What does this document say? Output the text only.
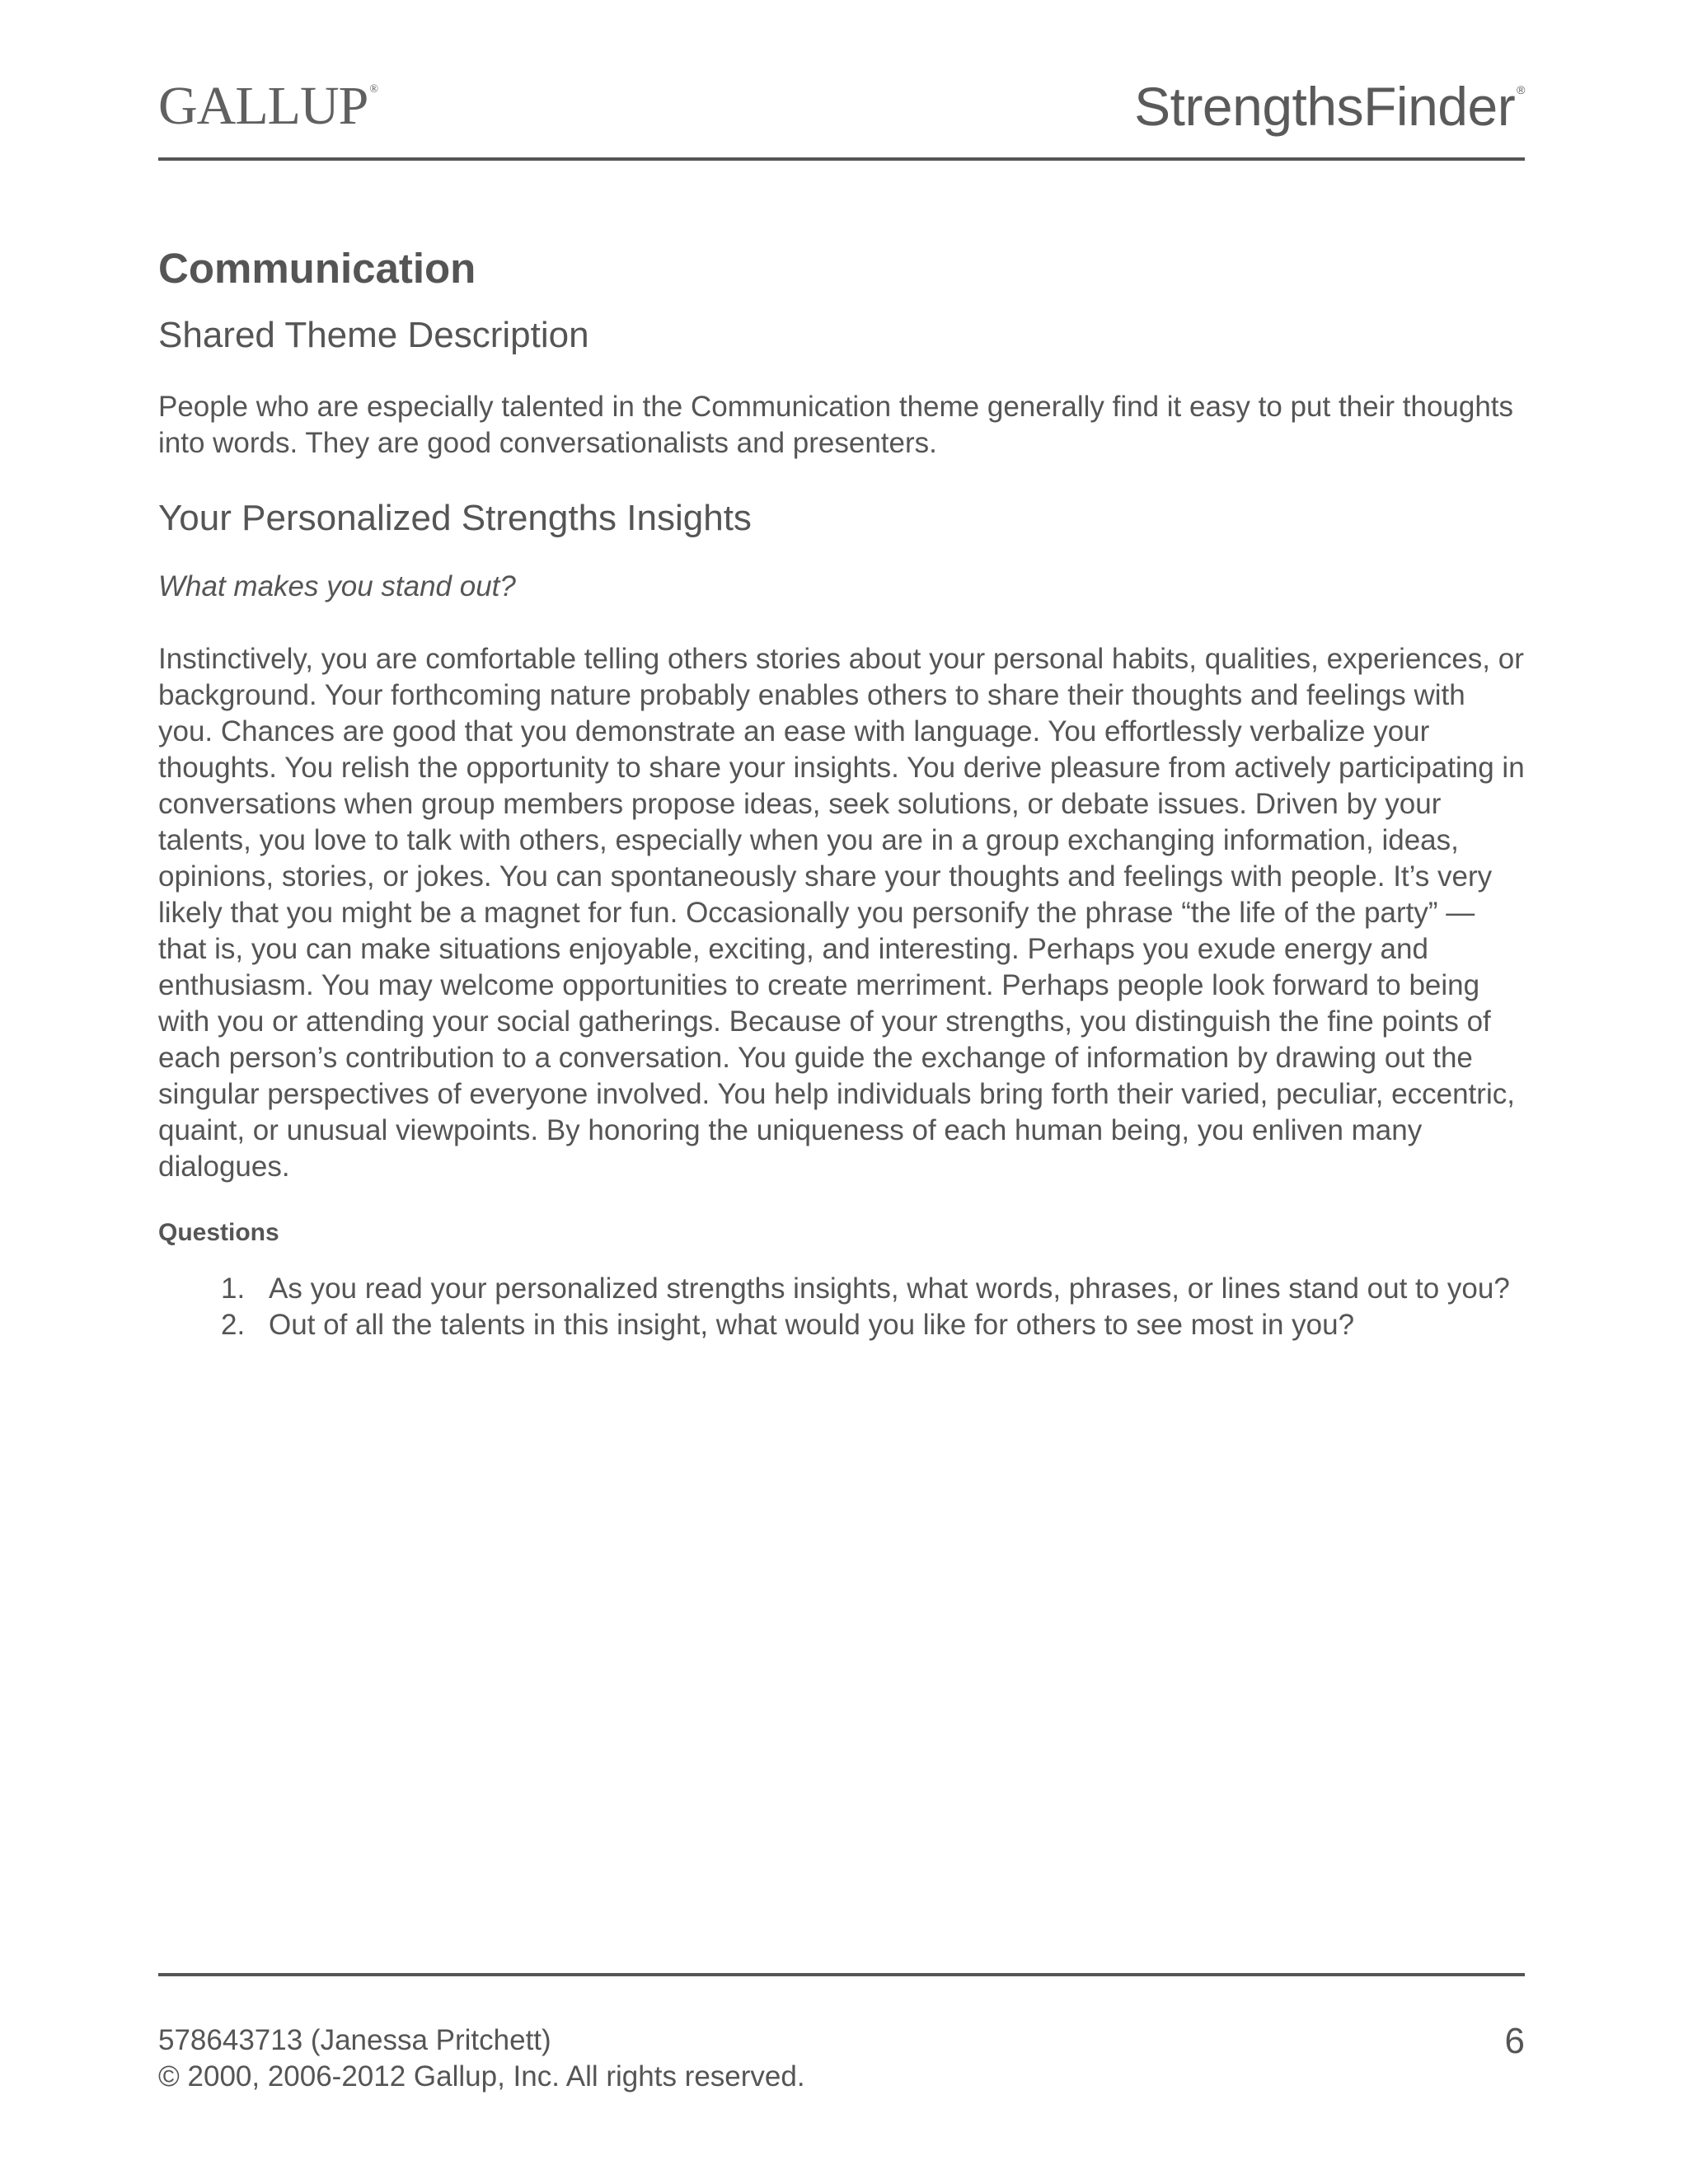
GALLUP ®	StrengthsFinder ®
Communication
Shared Theme Description

People who are especially talented in the Communication theme generally find it easy to put their thoughts into words. They are good conversationalists and presenters.

Your Personalized Strengths Insights

What makes you stand out?

Instinctively, you are comfortable telling others stories about your personal habits, qualities, experiences, or background. Your forthcoming nature probably enables others to share their thoughts and feelings with you. Chances are good that you demonstrate an ease with language. You effortlessly verbalize your thoughts. You relish the opportunity to share your insights. You derive pleasure from actively participating in conversations when group members propose ideas, seek solutions, or debate issues. Driven by your talents, you love to talk with others, especially when you are in a group exchanging information, ideas, opinions, stories, or jokes. You can spontaneously share your thoughts and feelings with people. It’s very likely that you might be a magnet for fun. Occasionally you personify the phrase “the life of the party” — that is, you can make situations enjoyable, exciting, and interesting. Perhaps you exude energy and enthusiasm. You may welcome opportunities to create merriment. Perhaps people look forward to being with you or attending your social gatherings. Because of your strengths, you distinguish the fine points of each person’s contribution to a conversation. You guide the exchange of information by drawing out the singular perspectives of everyone involved. You help individuals bring forth their varied, peculiar, eccentric, quaint, or unusual viewpoints. By honoring the uniqueness of each human being, you enliven many dialogues.

Questions

1. As you read your personalized strengths insights, what words, phrases, or lines stand out to you?
2. Out of all the talents in this insight, what would you like for others to see most in you?
578643713 (Janessa Pritchett)
© 2000, 2006-2012 Gallup, Inc. All rights reserved.
6
